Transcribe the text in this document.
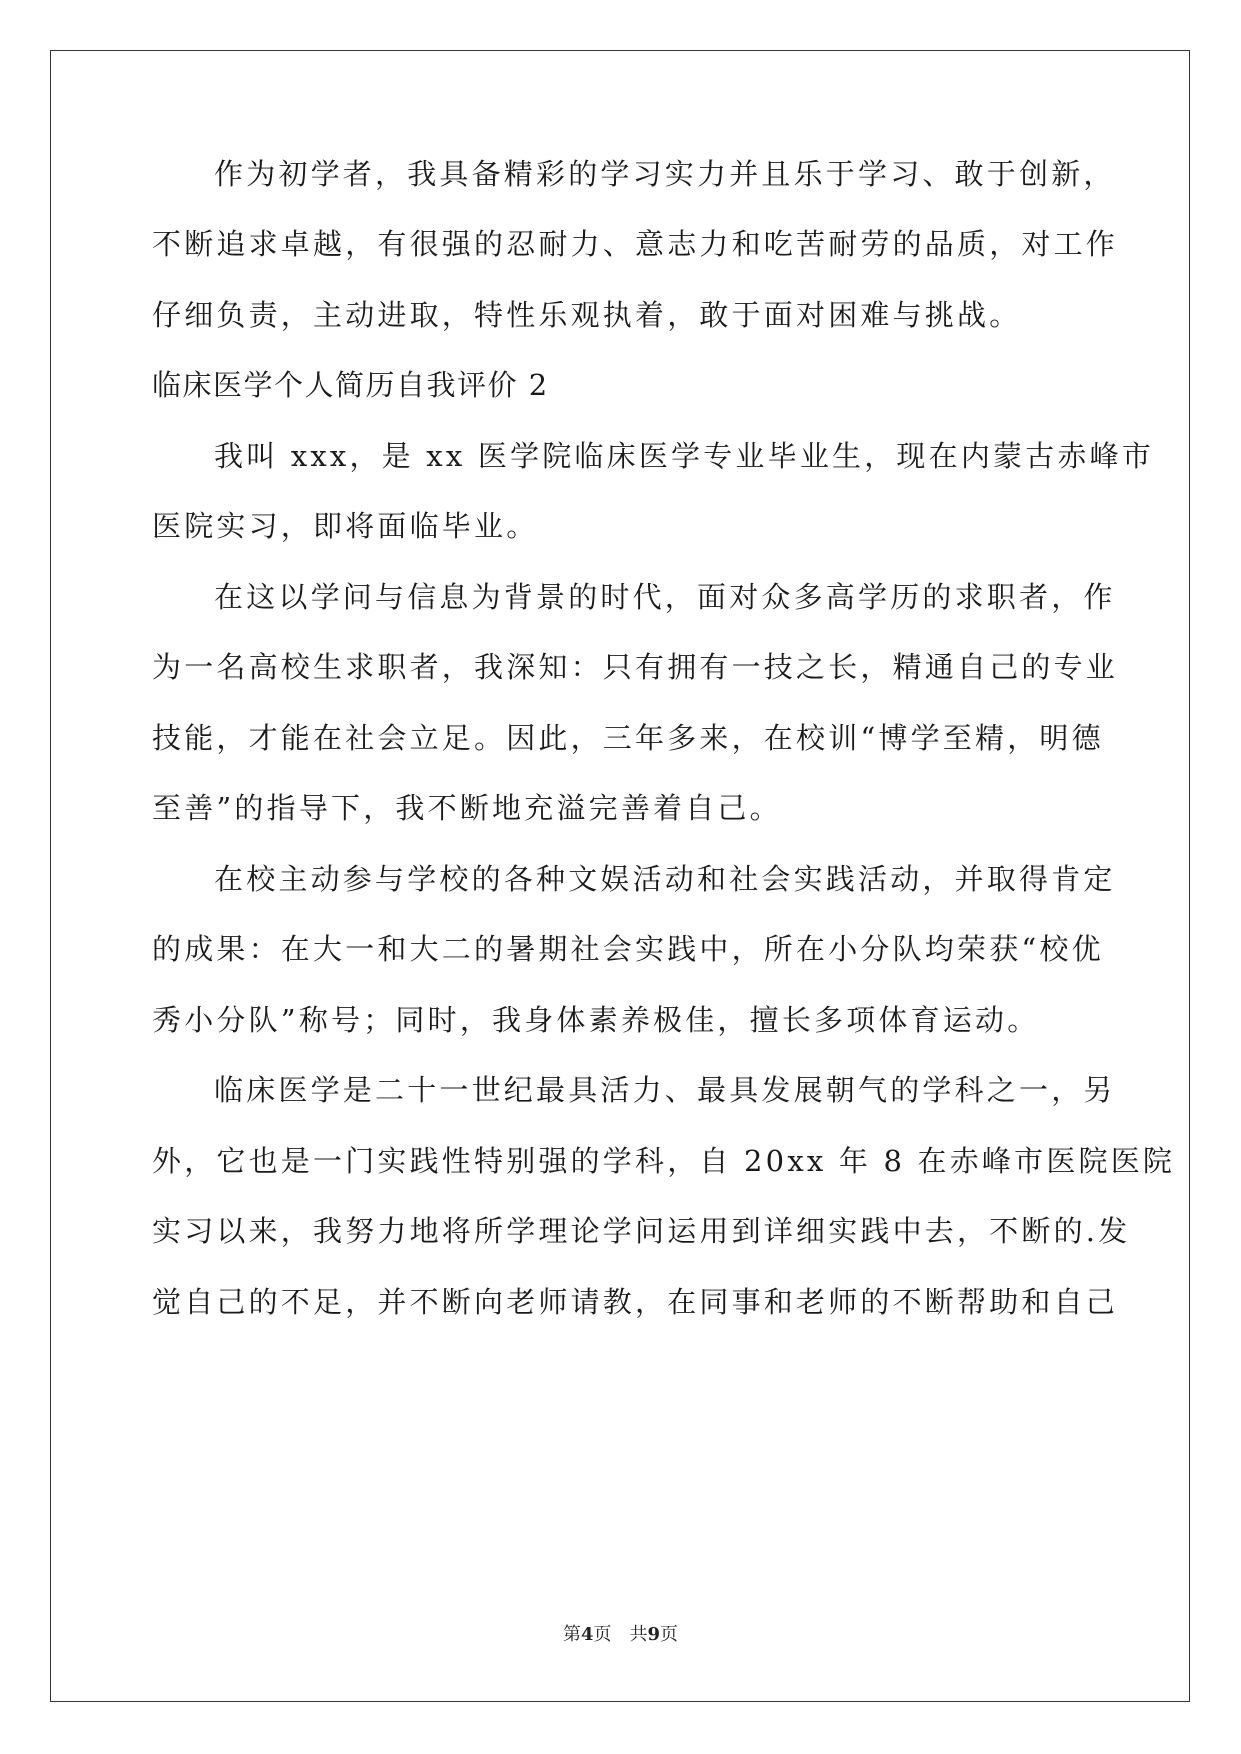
作为初学者，我具备精彩的学习实力并且乐于学习、敢于创新，
不断追求卓越，有很强的忍耐力、意志力和吃苦耐劳的品质，对工作
仔细负责，主动进取，特性乐观执着，敢于面对困难与挑战。
临床医学个人简历自我评价 2
我叫 xxx，是 xx 医学院临床医学专业毕业生，现在内蒙古赤峰市
医院实习，即将面临毕业。
在这以学问与信息为背景的时代，面对众多高学历的求职者，作
为一名高校生求职者，我深知：只有拥有一技之长，精通自己的专业
技能，才能在社会立足。因此，三年多来，在校训“博学至精，明德
至善”的指导下，我不断地充溢完善着自己。
在校主动参与学校的各种文娱活动和社会实践活动，并取得肯定
的成果：在大一和大二的暑期社会实践中，所在小分队均荣获“校优
秀小分队”称号；同时，我身体素养极佳，擅长多项体育运动。
临床医学是二十一世纪最具活力、最具发展朝气的学科之一，另
外，它也是一门实践性特别强的学科，自 20xx 年 8 在赤峰市医院医院
实习以来，我努力地将所学理论学问运用到详细实践中去，不断的.发
觉自己的不足，并不断向老师请教，在同事和老师的不断帮助和自己
第4页 共9页
